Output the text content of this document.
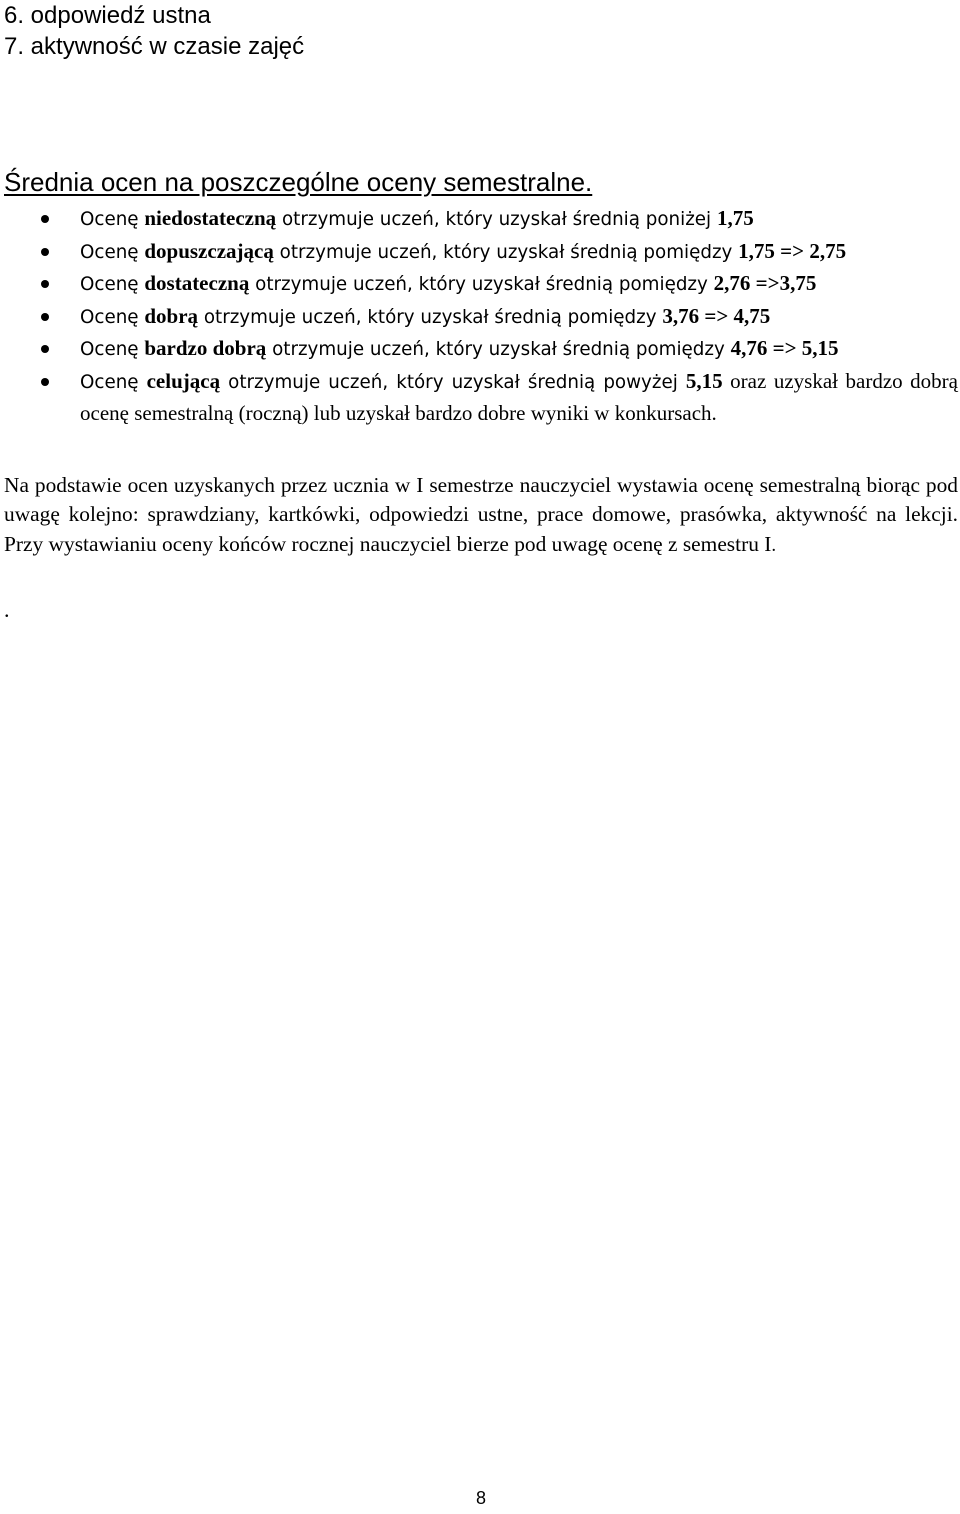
6. odpowiedź ustna
7. aktywność w czasie zajęć
Średnia ocen na poszczególne oceny semestralne.
Ocenę niedostateczną otrzymuje uczeń, który uzyskał średnią poniżej 1,75
Ocenę dopuszczającą otrzymuje uczeń, który uzyskał średnią pomiędzy 1,75 => 2,75
Ocenę dostateczną otrzymuje uczeń, który uzyskał średnią pomiędzy 2,76 =>3,75
Ocenę dobrą otrzymuje uczeń, który uzyskał średnią pomiędzy 3,76 => 4,75
Ocenę bardzo dobrą otrzymuje uczeń, który uzyskał średnią pomiędzy 4,76 => 5,15
Ocenę celującą otrzymuje uczeń, który uzyskał średnią powyżej 5,15 oraz uzyskał bardzo dobrą ocenę semestralną (roczną) lub uzyskał bardzo dobre wyniki w konkursach.

Na podstawie ocen uzyskanych przez ucznia w I semestrze nauczyciel wystawia ocenę semestralną biorąc pod uwagę kolejno: sprawdziany, kartkówki, odpowiedzi ustne, prace domowe, prasówka, aktywność na lekcji. Przy wystawianiu oceny końców rocznej nauczyciel bierze pod uwagę ocenę z semestru I.

.
8
